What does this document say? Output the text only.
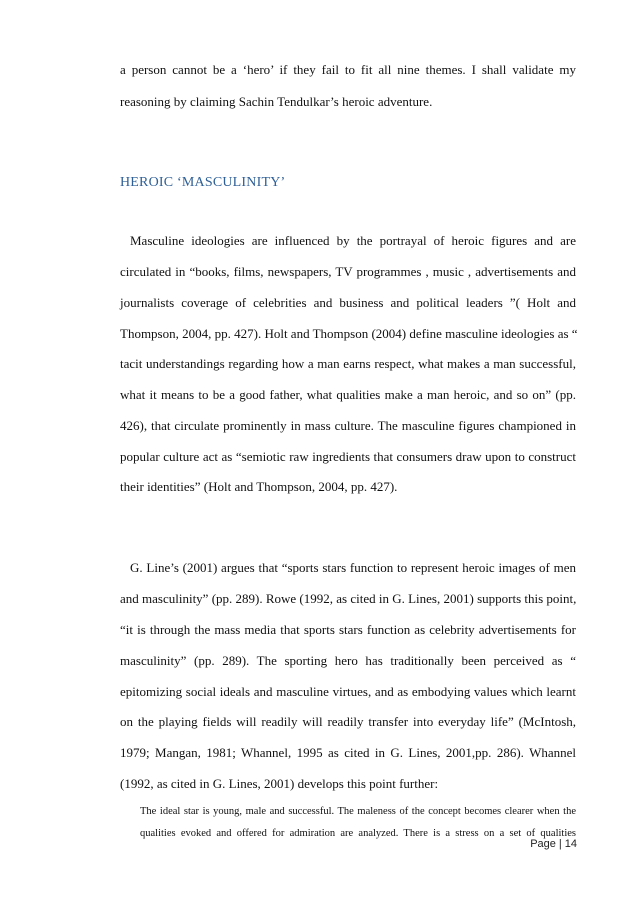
a person cannot be a ‘hero’ if they fail to fit all nine themes. I shall validate my
reasoning by claiming Sachin Tendulkar’s heroic adventure.
HEROIC ‘MASCULINITY’
Masculine ideologies are influenced by the portrayal of heroic figures and are
circulated in “books, films, newspapers, TV programmes , music , advertisements and
journalists coverage of celebrities and business and political leaders ”( Holt and
Thompson, 2004, pp. 427). Holt and Thompson (2004) define masculine ideologies as “
tacit understandings regarding how a man earns respect, what makes a man successful,
what it means to be a good father, what qualities make a man heroic, and so on” (pp.
426), that circulate prominently in mass culture. The masculine figures championed in
popular culture act as “semiotic raw ingredients that consumers draw upon to construct
their identities” (Holt and Thompson, 2004, pp. 427).
G. Line’s (2001) argues that “sports stars function to represent heroic images of men
and masculinity” (pp. 289). Rowe (1992, as cited in G. Lines, 2001) supports this point,
“it is through the mass media that sports stars function as celebrity advertisements for
masculinity” (pp. 289). The sporting hero has traditionally been perceived as “
epitomizing social ideals and masculine virtues, and as embodying values which learnt
on the playing fields will readily will readily transfer into everyday life” (McIntosh,
1979; Mangan, 1981; Whannel, 1995 as cited in G. Lines, 2001,pp. 286). Whannel
(1992, as cited in G. Lines, 2001) develops this point further:
The ideal star is young, male and successful. The maleness of the concept becomes clearer when the
qualities evoked and offered for admiration are analyzed. There is a stress on a set of qualities
Page | 14
